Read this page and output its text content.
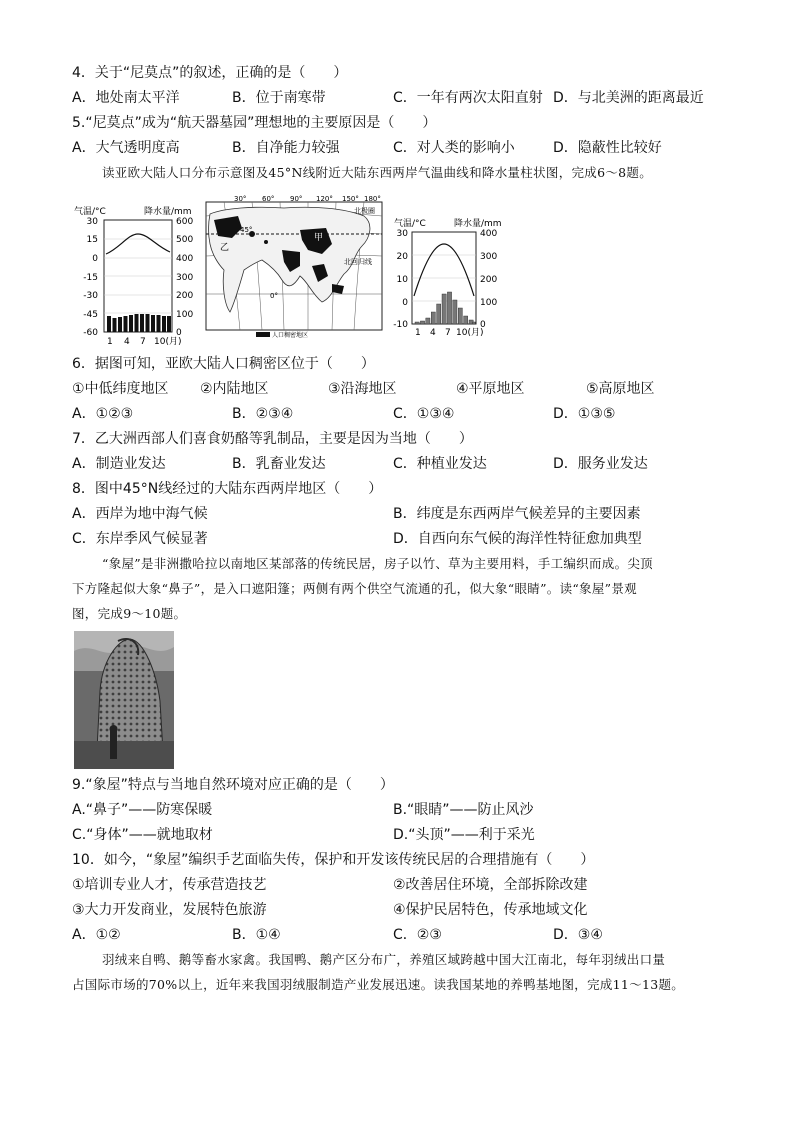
4．关于“尼莫点”的叙述，正确的是（　　）
A．地处南太平洋	B．位于南寒带	C．一年有两次太阳直射 D．与北美洲的距离最近
5.“尼莫点”成为“航天器墓园”理想地的主要原因是（　　）
A．大气透明度高	B．自净能力较强	C．对人类的影响小	D．隐蔽性比较好
读亚欧大陆人口分布示意图及45°N线附近大陆东西两岸气温曲线和降水量柱状图，完成6～8题。
气温/°C	降水量/mm
30
15
0
-15
-30
-45
-60
600
500
400
300
200
100
0
1 4 7 10(月)
30° 60° 90° 120° 150° 180°
北极圈
北回归线
45°
0°
乙
甲
人口稠密地区
气温/°C	降水量/mm
30
20
10
0
-10
400
300
200
100
0
1 4 7 10(月)
6．据图可知，亚欧大陆人口稠密区位于（　　）
①中低纬度地区 ②内陆地区	③沿海地区	④平原地区	⑤高原地区
A．①②③	B．②③④	C．①③④	D．①③⑤
7．乙大洲西部人们喜食奶酪等乳制品，主要是因为当地（　　）
A．制造业发达	B．乳畜业发达	C．种植业发达	D．服务业发达
8．图中45°N线经过的大陆东西两岸地区（　　）
A．西岸为地中海气候	B．纬度是东西两岸气候差异的主要因素
C．东岸季风气候显著	D．自西向东气候的海洋性特征愈加典型
“象屋”是非洲撒哈拉以南地区某部落的传统民居，房子以竹、草为主要用料，手工编织而成。尖顶
下方隆起似大象“鼻子”，是入口遮阳篷；两侧有两个供空气流通的孔，似大象“眼睛”。读“象屋”景观
图，完成9～10题。
9.“象屋”特点与当地自然环境对应正确的是（　　）
A.“鼻子”——防寒保暖	B.“眼睛”——防止风沙
C.“身体”——就地取材	D.“头顶”——利于采光
10．如今，“象屋”编织手艺面临失传，保护和开发该传统民居的合理措施有（　　）
①培训专业人才，传承营造技艺	②改善居住环境，全部拆除改建
③大力开发商业，发展特色旅游	④保护民居特色，传承地域文化
A．①②	B．①④	C．②③	D．③④
羽绒来自鸭、鹅等畜水家禽。我国鸭、鹅产区分布广，养殖区域跨越中国大江南北，每年羽绒出口量
占国际市场的70%以上，近年来我国羽绒服制造产业发展迅速。读我国某地的养鸭基地图，完成11～13题。
